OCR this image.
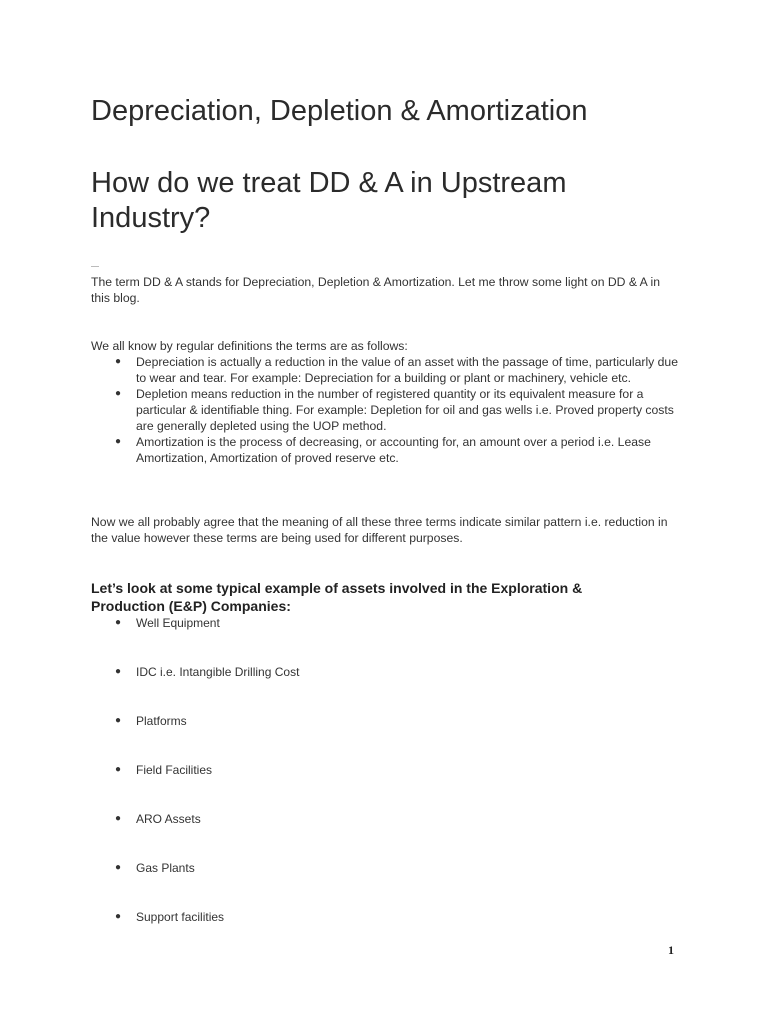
Depreciation, Depletion & Amortization
How do we treat DD & A in Upstream Industry?

The term DD & A stands for Depreciation, Depletion & Amortization. Let me throw some light on DD & A in this blog.

We all know by regular definitions the terms are as follows:

● Depreciation is actually a reduction in the value of an asset with the passage of time, particularly due to wear and tear. For example: Depreciation for a building or plant or machinery, vehicle etc.
● Depletion means reduction in the number of registered quantity or its equivalent measure for a particular & identifiable thing. For example: Depletion for oil and gas wells i.e. Proved property costs are generally depleted using the UOP method.
● Amortization is the process of decreasing, or accounting for, an amount over a period i.e. Lease Amortization, Amortization of proved reserve etc.

Now we all probably agree that the meaning of all these three terms indicate similar pattern i.e. reduction in the value however these terms are being used for different purposes.

Let’s look at some typical example of assets involved in the Exploration & Production (E&P) Companies:
● Well Equipment
● IDC i.e. Intangible Drilling Cost
● Platforms
● Field Facilities
● ARO Assets
● Gas Plants
● Support facilities
1
